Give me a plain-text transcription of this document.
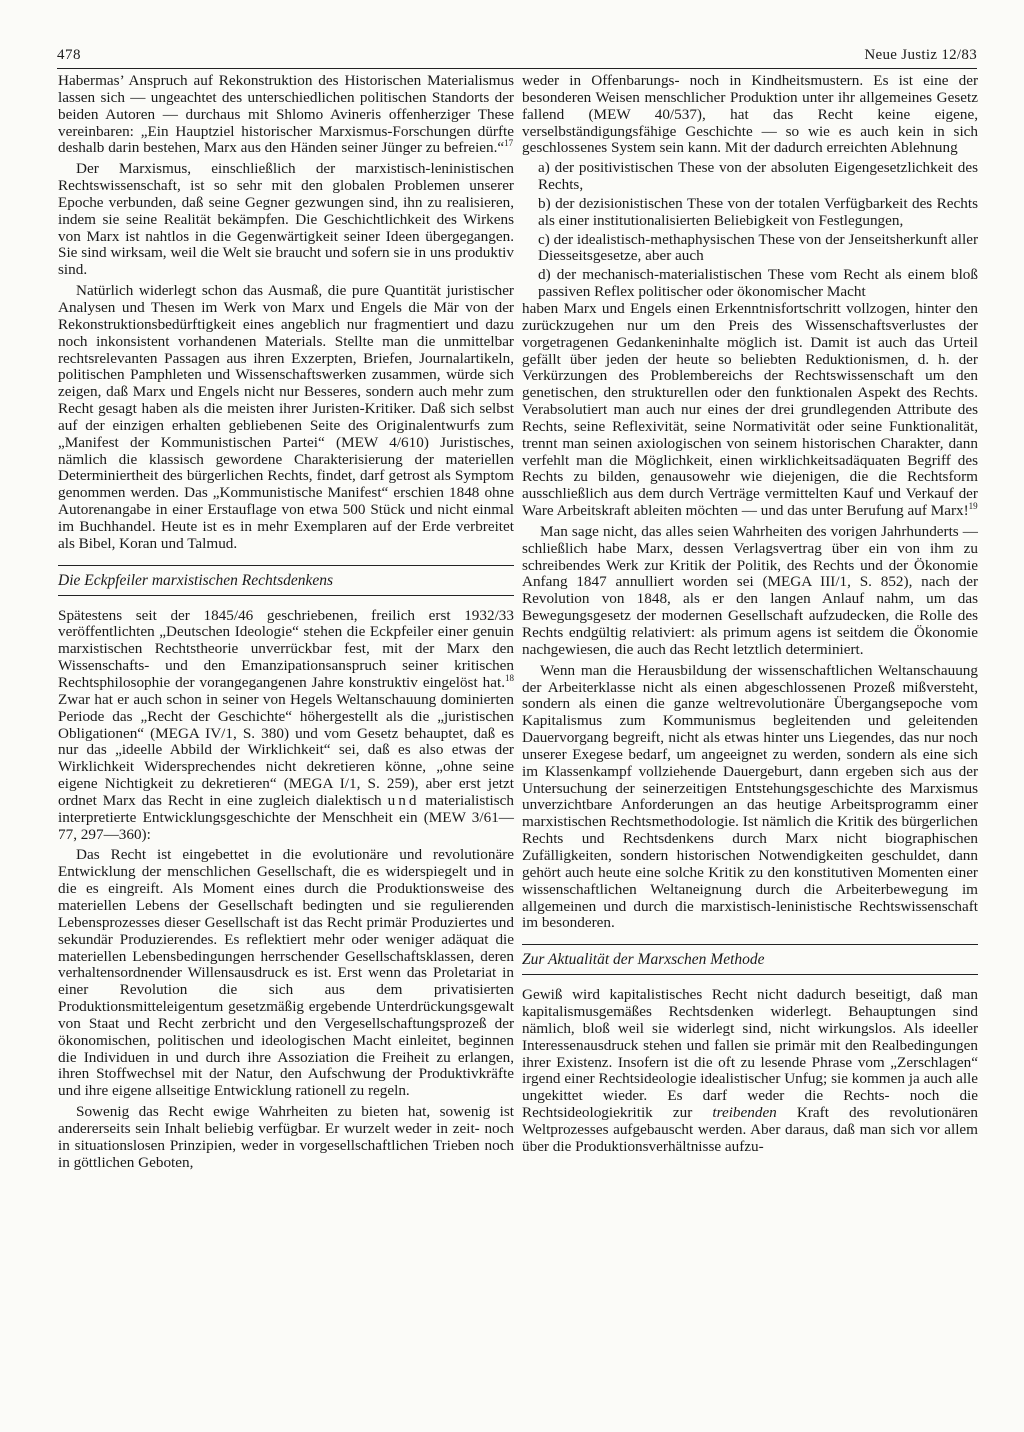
478	Neue Justiz 12/83

Habermas’ Anspruch auf Rekonstruktion des Historischen Materialismus lassen sich — ungeachtet des unterschiedlichen politischen Standorts der beiden Autoren — durchaus mit Shlomo Avineris offenherziger These vereinbaren: „Ein Hauptziel historischer Marxismus-Forschungen dürfte deshalb darin bestehen, Marx aus den Händen seiner Jünger zu befreien.“$^{17}$

Der Marxismus, einschließlich der marxistisch-leninistischen Rechtswissenschaft, ist so sehr mit den globalen Problemen unserer Epoche verbunden, daß seine Gegner gezwungen sind, ihn zu realisieren, indem sie seine Realität bekämpfen. Die Geschichtlichkeit des Wirkens von Marx ist nahtlos in die Gegenwärtigkeit seiner Ideen übergegangen. Sie sind wirksam, weil die Welt sie braucht und sofern sie in uns produktiv sind.

Natürlich widerlegt schon das Ausmaß, die pure Quantität juristischer Analysen und Thesen im Werk von Marx und Engels die Mär von der Rekonstruktionsbedürftigkeit eines angeblich nur fragmentiert und dazu noch inkonsistent vorhandenen Materials. Stellte man die unmittelbar rechtsrelevanten Passagen aus ihren Exzerpten, Briefen, Journalartikeln, politischen Pamphleten und Wissenschaftswerken zusammen, würde sich zeigen, daß Marx und Engels nicht nur Besseres, sondern auch mehr zum Recht gesagt haben als die meisten ihrer Juristen-Kritiker. Daß sich selbst auf der einzigen erhalten gebliebenen Seite des Originalentwurfs zum „Manifest der Kommunistischen Partei“ (MEW 4/610) Juristisches, nämlich die klassisch gewordene Charakterisierung der materiellen Determiniertheit des bürgerlichen Rechts, findet, darf getrost als Symptom genommen werden. Das „Kommunistische Manifest“ erschien 1848 ohne Autorenangabe in einer Erstauflage von etwa 500 Stück und nicht einmal im Buchhandel. Heute ist es in mehr Exemplaren auf der Erde verbreitet als Bibel, Koran und Talmud.

Die Eckpfeiler marxistischen Rechtsdenkens

Spätestens seit der 1845/46 geschriebenen, freilich erst 1932/33 veröffentlichten „Deutschen Ideologie“ stehen die Eckpfeiler einer genuin marxistischen Rechtstheorie unverrückbar fest, mit der Marx den Wissenschafts- und den Emanzipationsanspruch seiner kritischen Rechtsphilosophie der vorangegangenen Jahre konstruktiv eingelöst hat.$^{18}$ Zwar hat er auch schon in seiner von Hegels Weltanschauung dominierten Periode das „Recht der Geschichte“ höhergestellt als die „juristischen Obligationen“ (MEGA IV/1, S. 380) und vom Gesetz behauptet, daß es nur das „ideelle Abbild der Wirklichkeit“ sei, daß es also etwas der Wirklichkeit Widersprechendes nicht dekretieren könne, „ohne seine eigene Nichtigkeit zu dekretieren“ (MEGA I/1, S. 259), aber erst jetzt ordnet Marx das Recht in eine zugleich dialektisch und materialistisch interpretierte Entwicklungsgeschichte der Menschheit ein (MEW 3/61—77, 297—360):

Das Recht ist eingebettet in die evolutionäre und revolutionäre Entwicklung der menschlichen Gesellschaft, die es widerspiegelt und in die es eingreift. Als Moment eines durch die Produktionsweise des materiellen Lebens der Gesellschaft bedingten und sie regulierenden Lebensprozesses dieser Gesellschaft ist das Recht primär Produziertes und sekundär Produzierendes. Es reflektiert mehr oder weniger adäquat die materiellen Lebensbedingungen herrschender Gesellschaftsklassen, deren verhaltensordnender Willensausdruck es ist. Erst wenn das Proletariat in einer Revolution die sich aus dem privatisierten Produktionsmitteleigentum gesetzmäßig ergebende Unterdrückungsgewalt von Staat und Recht zerbricht und den Vergesellschaftungsprozeß der ökonomischen, politischen und ideologischen Macht einleitet, beginnen die Individuen in und durch ihre Assoziation die Freiheit zu erlangen, ihren Stoffwechsel mit der Natur, den Aufschwung der Produktivkräfte und ihre eigene allseitige Entwicklung rationell zu regeln.

Sowenig das Recht ewige Wahrheiten zu bieten hat, sowenig ist andererseits sein Inhalt beliebig verfügbar. Er wurzelt weder in zeit- noch in situationslosen Prinzipien, weder in vorgesellschaftlichen Trieben noch in göttlichen Geboten,

weder in Offenbarungs- noch in Kindheitsmustern. Es ist eine der besonderen Weisen menschlicher Produktion unter ihr allgemeines Gesetz fallend (MEW 40/537), hat das Recht keine eigene, verselbständigungsfähige Geschichte — so wie es auch kein in sich geschlossenes System sein kann. Mit der dadurch erreichten Ablehnung

a) der positivistischen These von der absoluten Eigengesetzlichkeit des Rechts,
b) der dezisionistischen These von der totalen Verfügbarkeit des Rechts als einer institutionalisierten Beliebigkeit von Festlegungen,
c) der idealistisch-methaphysischen These von der Jenseitsherkunft aller Diesseitsgesetze, aber auch
d) der mechanisch-materialistischen These vom Recht als einem bloß passiven Reflex politischer oder ökonomischer Macht

haben Marx und Engels einen Erkenntnisfortschritt vollzogen, hinter den zurückzugehen nur um den Preis des Wissenschaftsverlustes der vorgetragenen Gedankeninhalte möglich ist. Damit ist auch das Urteil gefällt über jeden der heute so beliebten Reduktionismen, d. h. der Verkürzungen des Problembereichs der Rechtswissenschaft um den genetischen, den strukturellen oder den funktionalen Aspekt des Rechts. Verabsolutiert man auch nur eines der drei grundlegenden Attribute des Rechts, seine Reflexivität, seine Normativität oder seine Funktionalität, trennt man seinen axiologischen von seinem historischen Charakter, dann verfehlt man die Möglichkeit, einen wirklichkeitsadäquaten Begriff des Rechts zu bilden, genausowehr wie diejenigen, die die Rechtsform ausschließlich aus dem durch Verträge vermittelten Kauf und Verkauf der Ware Arbeitskraft ableiten möchten — und das unter Berufung auf Marx!$^{19}$

Man sage nicht, das alles seien Wahrheiten des vorigen Jahrhunderts — schließlich habe Marx, dessen Verlagsvertrag über ein von ihm zu schreibendes Werk zur Kritik der Politik, des Rechts und der Ökonomie Anfang 1847 annulliert worden sei (MEGA III/1, S. 852), nach der Revolution von 1848, als er den langen Anlauf nahm, um das Bewegungsgesetz der modernen Gesellschaft aufzudecken, die Rolle des Rechts endgültig relativiert: als primum agens ist seitdem die Ökonomie nachgewiesen, die auch das Recht letztlich determiniert.

Wenn man die Herausbildung der wissenschaftlichen Weltanschauung der Arbeiterklasse nicht als einen abgeschlossenen Prozeß mißversteht, sondern als einen die ganze weltrevolutionäre Übergangsepoche vom Kapitalismus zum Kommunismus begleitenden und geleitenden Dauervorgang begreift, nicht als etwas hinter uns Liegendes, das nur noch unserer Exegese bedarf, um angeeignet zu werden, sondern als eine sich im Klassenkampf vollziehende Dauergeburt, dann ergeben sich aus der Untersuchung der seinerzeitigen Entstehungsgeschichte des Marxismus unverzichtbare Anforderungen an das heutige Arbeitsprogramm einer marxistischen Rechtsmethodologie. Ist nämlich die Kritik des bürgerlichen Rechts und Rechtsdenkens durch Marx nicht biographischen Zufälligkeiten, sondern historischen Notwendigkeiten geschuldet, dann gehört auch heute eine solche Kritik zu den konstitutiven Momenten einer wissenschaftlichen Weltaneignung durch die Arbeiterbewegung im allgemeinen und durch die marxistisch-leninistische Rechtswissenschaft im besonderen.

Zur Aktualität der Marxschen Methode

Gewiß wird kapitalistisches Recht nicht dadurch beseitigt, daß man kapitalismusgemäßes Rechtsdenken widerlegt. Behauptungen sind nämlich, bloß weil sie widerlegt sind, nicht wirkungslos. Als ideeller Interessenausdruck stehen und fallen sie primär mit den Realbedingungen ihrer Existenz. Insofern ist die oft zu lesende Phrase vom „Zerschlagen“ irgend einer Rechtsideologie idealistischer Unfug; sie kommen ja auch alle ungekittet wieder. Es darf weder die Rechts- noch die Rechtsideologiekritik zur treibenden Kraft des revolutionären Weltprozesses aufgebauscht werden. Aber daraus, daß man sich vor allem über die Produktionsverhältnisse aufzu-
